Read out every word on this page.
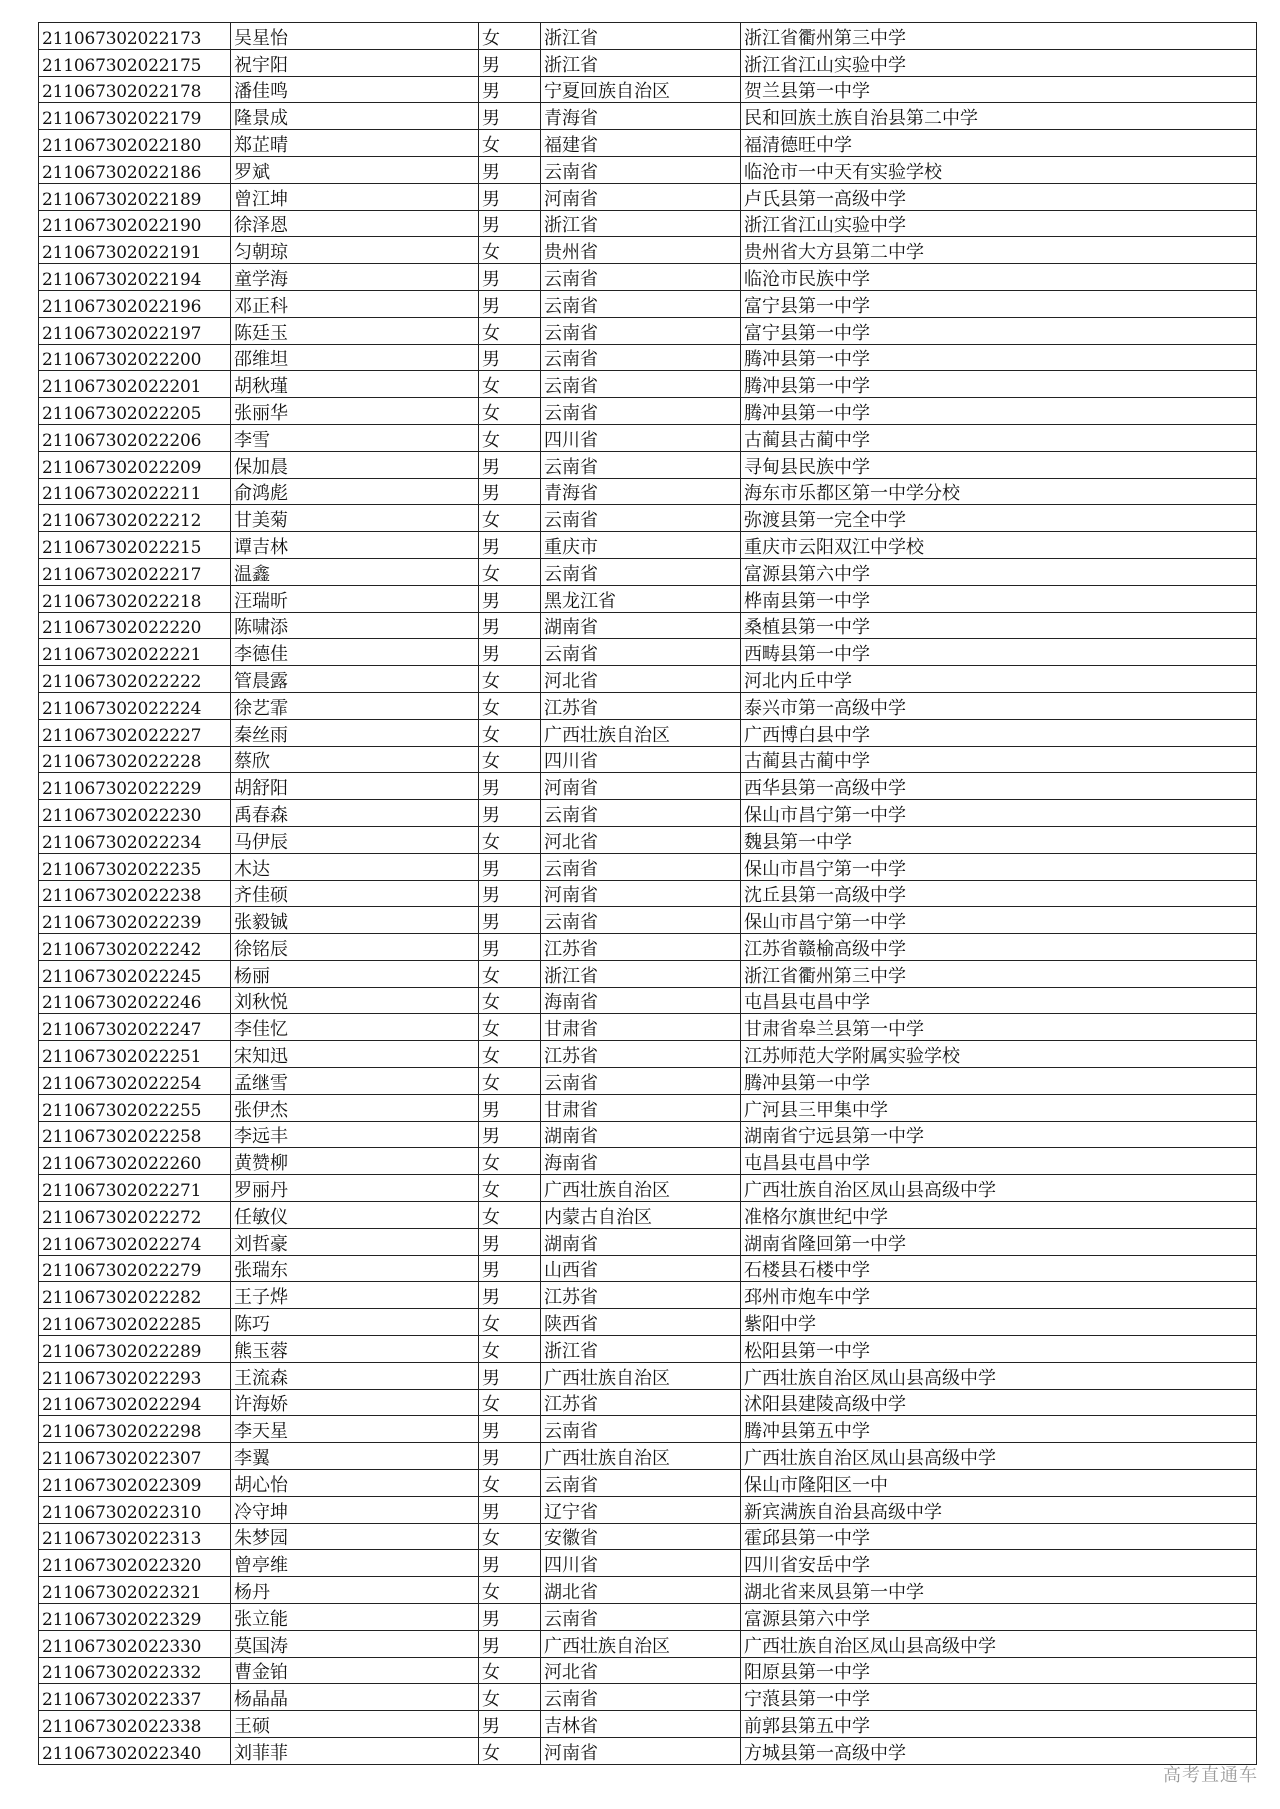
211067302022173	吴星怡	女	浙江省	浙江省衢州第三中学
211067302022175	祝宇阳	男	浙江省	浙江省江山实验中学
211067302022178	潘佳鸣	男	宁夏回族自治区	贺兰县第一中学
211067302022179	隆景成	男	青海省	民和回族土族自治县第二中学
211067302022180	郑芷晴	女	福建省	福清德旺中学
211067302022186	罗斌	男	云南省	临沧市一中天有实验学校
211067302022189	曾江坤	男	河南省	卢氏县第一高级中学
211067302022190	徐泽恩	男	浙江省	浙江省江山实验中学
211067302022191	匀朝琼	女	贵州省	贵州省大方县第二中学
211067302022194	童学海	男	云南省	临沧市民族中学
211067302022196	邓正科	男	云南省	富宁县第一中学
211067302022197	陈廷玉	女	云南省	富宁县第一中学
211067302022200	邵维坦	男	云南省	腾冲县第一中学
211067302022201	胡秋瑾	女	云南省	腾冲县第一中学
211067302022205	张丽华	女	云南省	腾冲县第一中学
211067302022206	李雪	女	四川省	古蔺县古蔺中学
211067302022209	保加晨	男	云南省	寻甸县民族中学
211067302022211	俞鸿彪	男	青海省	海东市乐都区第一中学分校
211067302022212	甘美菊	女	云南省	弥渡县第一完全中学
211067302022215	谭吉林	男	重庆市	重庆市云阳双江中学校
211067302022217	温鑫	女	云南省	富源县第六中学
211067302022218	汪瑞昕	男	黑龙江省	桦南县第一中学
211067302022220	陈啸添	男	湖南省	桑植县第一中学
211067302022221	李德佳	男	云南省	西畴县第一中学
211067302022222	管晨露	女	河北省	河北内丘中学
211067302022224	徐艺霏	女	江苏省	泰兴市第一高级中学
211067302022227	秦丝雨	女	广西壮族自治区	广西博白县中学
211067302022228	蔡欣	女	四川省	古蔺县古蔺中学
211067302022229	胡舒阳	男	河南省	西华县第一高级中学
211067302022230	禹春森	男	云南省	保山市昌宁第一中学
211067302022234	马伊辰	女	河北省	魏县第一中学
211067302022235	木达	男	云南省	保山市昌宁第一中学
211067302022238	齐佳硕	男	河南省	沈丘县第一高级中学
211067302022239	张毅铖	男	云南省	保山市昌宁第一中学
211067302022242	徐铭辰	男	江苏省	江苏省赣榆高级中学
211067302022245	杨丽	女	浙江省	浙江省衢州第三中学
211067302022246	刘秋悦	女	海南省	屯昌县屯昌中学
211067302022247	李佳忆	女	甘肃省	甘肃省皋兰县第一中学
211067302022251	宋知迅	女	江苏省	江苏师范大学附属实验学校
211067302022254	孟继雪	女	云南省	腾冲县第一中学
211067302022255	张伊杰	男	甘肃省	广河县三甲集中学
211067302022258	李远丰	男	湖南省	湖南省宁远县第一中学
211067302022260	黄赞柳	女	海南省	屯昌县屯昌中学
211067302022271	罗丽丹	女	广西壮族自治区	广西壮族自治区凤山县高级中学
211067302022272	任敏仪	女	内蒙古自治区	准格尔旗世纪中学
211067302022274	刘哲豪	男	湖南省	湖南省隆回第一中学
211067302022279	张瑞东	男	山西省	石楼县石楼中学
211067302022282	王子烨	男	江苏省	邳州市炮车中学
211067302022285	陈巧	女	陕西省	紫阳中学
211067302022289	熊玉蓉	女	浙江省	松阳县第一中学
211067302022293	王流森	男	广西壮族自治区	广西壮族自治区凤山县高级中学
211067302022294	许海娇	女	江苏省	沭阳县建陵高级中学
211067302022298	李天星	男	云南省	腾冲县第五中学
211067302022307	李翼	男	广西壮族自治区	广西壮族自治区凤山县高级中学
211067302022309	胡心怡	女	云南省	保山市隆阳区一中
211067302022310	冷守坤	男	辽宁省	新宾满族自治县高级中学
211067302022313	朱梦园	女	安徽省	霍邱县第一中学
211067302022320	曾亭维	男	四川省	四川省安岳中学
211067302022321	杨丹	女	湖北省	湖北省来凤县第一中学
211067302022329	张立能	男	云南省	富源县第六中学
211067302022330	莫国涛	男	广西壮族自治区	广西壮族自治区凤山县高级中学
211067302022332	曹金铂	女	河北省	阳原县第一中学
211067302022337	杨晶晶	女	云南省	宁蒗县第一中学
211067302022338	王硕	男	吉林省	前郭县第五中学
211067302022340	刘菲菲	女	河南省	方城县第一高级中学
高考直通车
